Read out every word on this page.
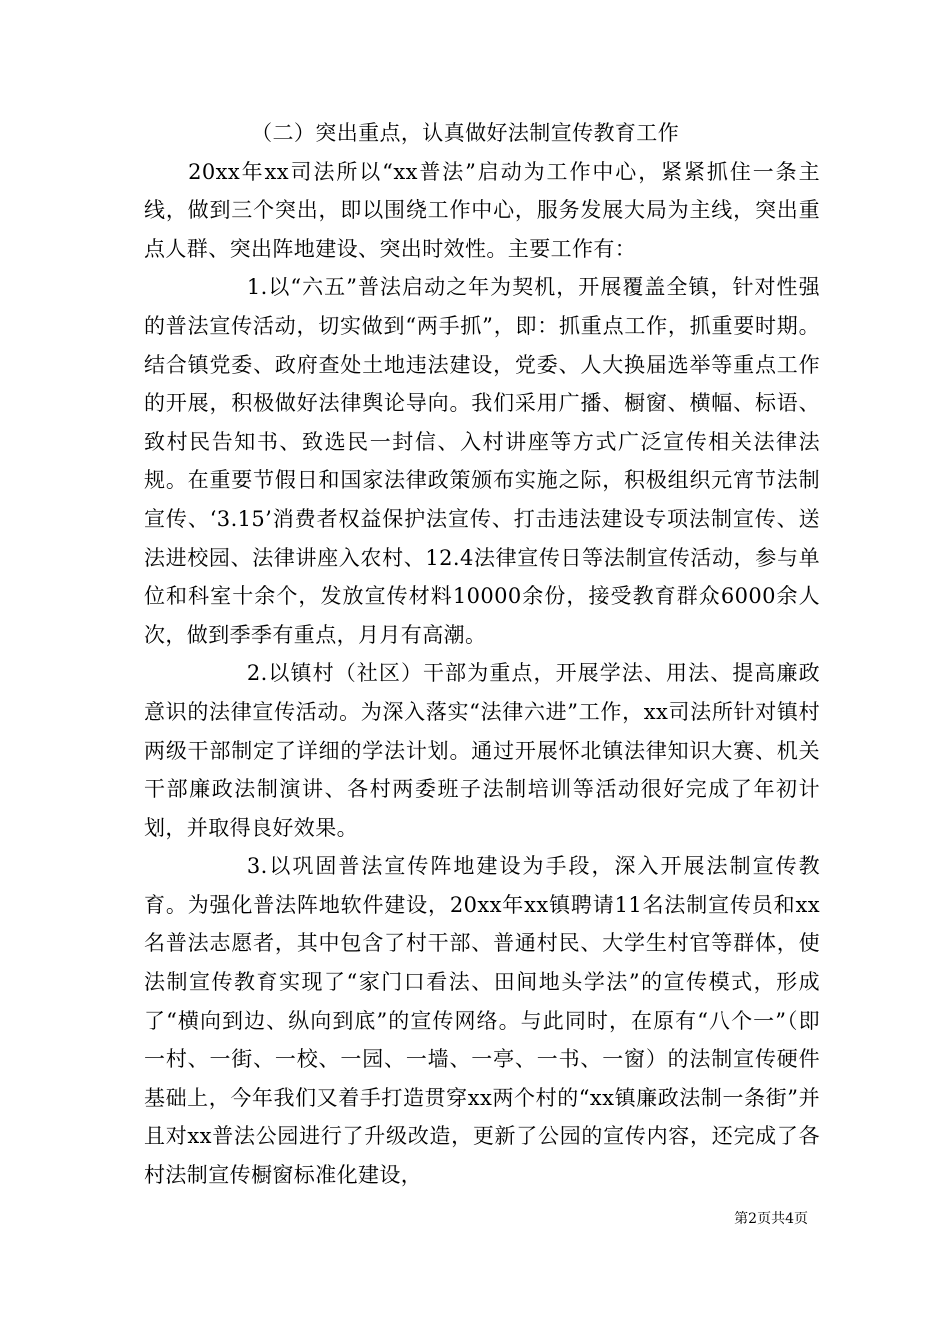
（二）突出重点，认真做好法制宣传教育工作

20xx年xx司法所以“xx普法”启动为工作中心，紧紧抓住一条主线，做到三个突出，即以围绕工作中心，服务发展大局为主线，突出重点人群、突出阵地建设、突出时效性。主要工作有：

1.以“六五”普法启动之年为契机，开展覆盖全镇，针对性强的普法宣传活动，切实做到“两手抓”，即：抓重点工作，抓重要时期。结合镇党委、政府查处土地违法建设，党委、人大换届选举等重点工作的开展，积极做好法律舆论导向。我们采用广播、橱窗、横幅、标语、致村民告知书、致选民一封信、入村讲座等方式广泛宣传相关法律法规。在重要节假日和国家法律政策颁布实施之际，积极组织元宵节法制宣传、‘3.15’消费者权益保护法宣传、打击违法建设专项法制宣传、送法进校园、法律讲座入农村、12.4法律宣传日等法制宣传活动，参与单位和科室十余个，发放宣传材料10000余份，接受教育群众6000余人次，做到季季有重点，月月有高潮。

2.以镇村（社区）干部为重点，开展学法、用法、提高廉政意识的法律宣传活动。为深入落实“法律六进”工作，xx司法所针对镇村两级干部制定了详细的学法计划。通过开展怀北镇法律知识大赛、机关干部廉政法制演讲、各村两委班子法制培训等活动很好完成了年初计划，并取得良好效果。

3.以巩固普法宣传阵地建设为手段，深入开展法制宣传教育。为强化普法阵地软件建设，20xx年xx镇聘请11名法制宣传员和xx名普法志愿者，其中包含了村干部、普通村民、大学生村官等群体，使法制宣传教育实现了“家门口看法、田间地头学法”的宣传模式，形成了“横向到边、纵向到底”的宣传网络。与此同时，在原有“八个一”（即一村、一街、一校、一园、一墙、一亭、一书、一窗）的法制宣传硬件基础上，今年我们又着手打造贯穿xx两个村的“xx镇廉政法制一条街”并且对xx普法公园进行了升级改造，更新了公园的宣传内容，还完成了各村法制宣传橱窗标准化建设，

第2页共4页
